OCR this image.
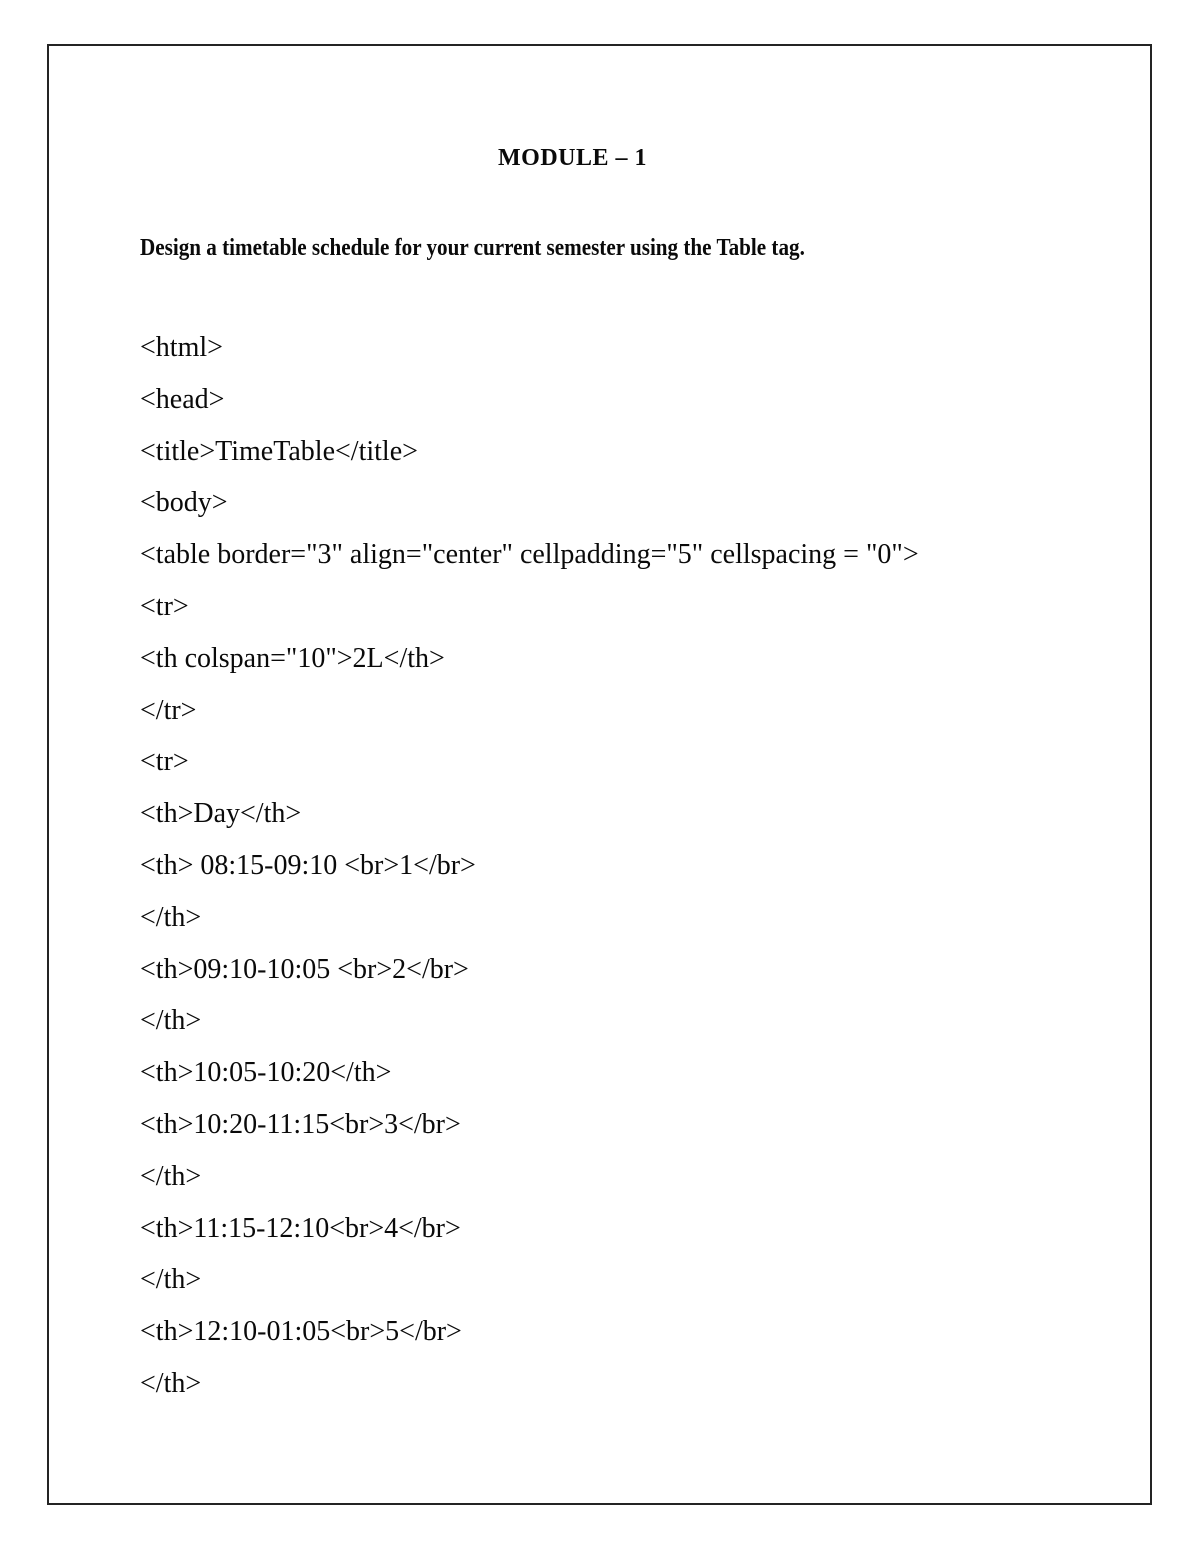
MODULE – 1
Design a timetable schedule for your current semester using the Table tag.
<html>
<head>
<title>TimeTable</title>
<body>
<table border="3" align="center" cellpadding="5" cellspacing = "0">
<tr>
<th colspan="10">2L</th>
</tr>
<tr>
<th>Day</th>
<th> 08:15-09:10 <br>1</br>
</th>
<th>09:10-10:05 <br>2</br>
</th>
<th>10:05-10:20</th>
<th>10:20-11:15<br>3</br>
</th>
<th>11:15-12:10<br>4</br>
</th>
<th>12:10-01:05<br>5</br>
</th>
